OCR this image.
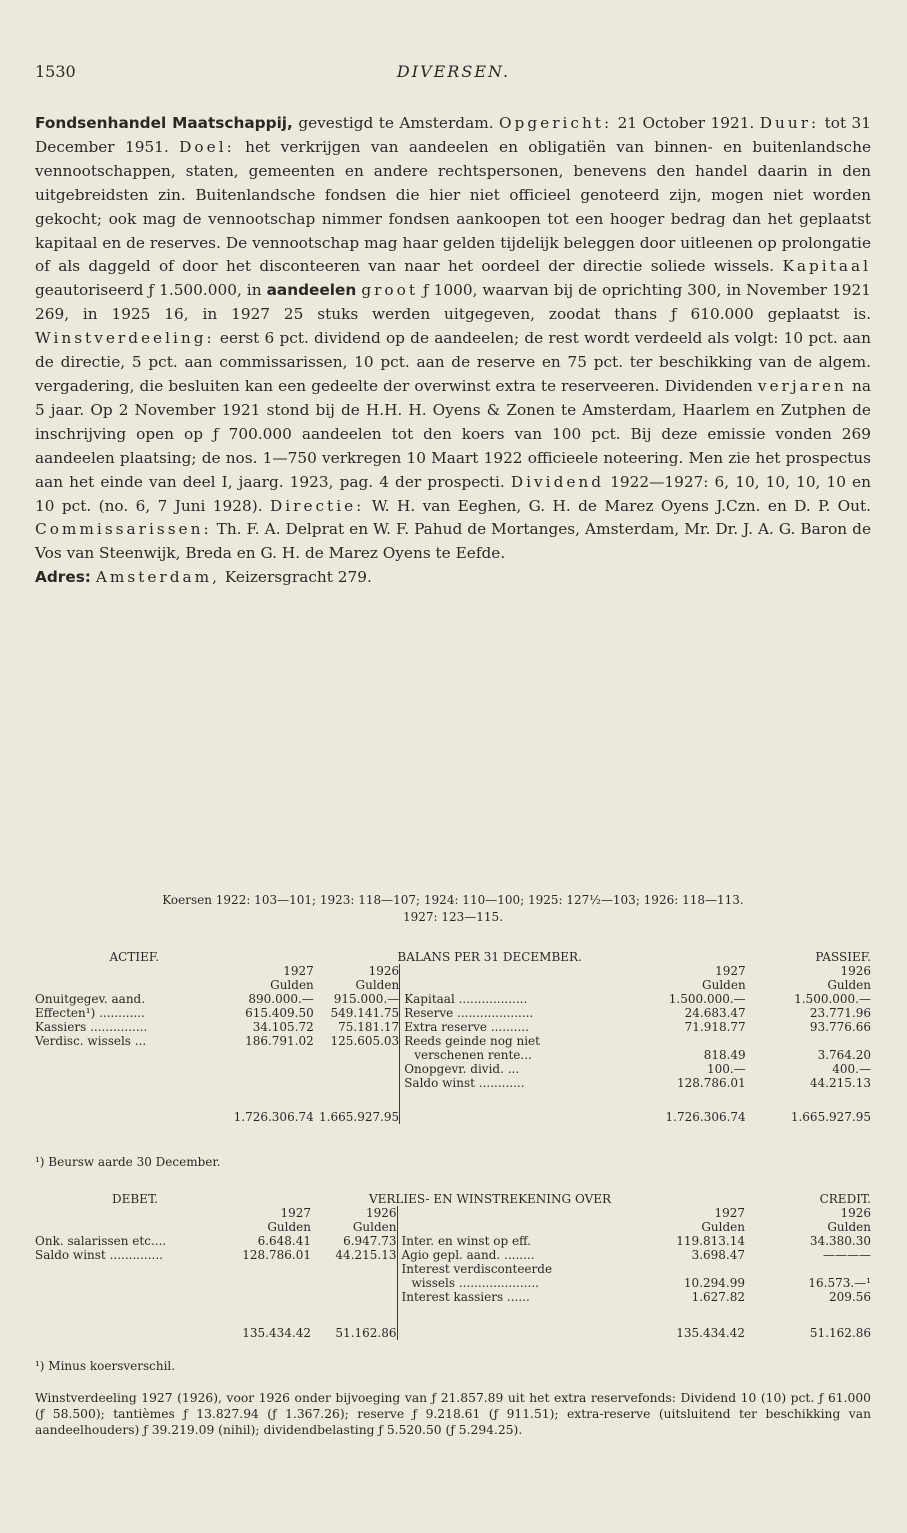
1530	DIVERSEN.

Fondsenhandel Maatschappij, gevestigd te Amsterdam. Opgericht: 21 October 1921. Duur: tot 31 December 1951. Doel: het verkrijgen van aandeelen en obligatiën van binnen- en buitenlandsche vennootschappen, staten, gemeenten en andere rechtspersonen, benevens den handel daarin in den uitgebreidsten zin. Buitenlandsche fondsen die hier niet officieel genoteerd zijn, mogen niet worden gekocht; ook mag de vennootschap nimmer fondsen aankoopen tot een hooger bedrag dan het geplaatst kapitaal en de reserves. De vennootschap mag haar gelden tijdelijk beleggen door uitleenen op prolongatie of als daggeld of door het disconteeren van naar het oordeel der directie soliede wissels. Kapitaal geautoriseerd ƒ 1.500.000, in aandeelen groot ƒ 1000, waarvan bij de oprichting 300, in November 1921 269, in 1925 16, in 1927 25 stuks werden uitgegeven, zoodat thans ƒ 610.000 geplaatst is. Winstverdeeling: eerst 6 pct. dividend op de aandeelen; de rest wordt verdeeld als volgt: 10 pct. aan de directie, 5 pct. aan commissarissen, 10 pct. aan de reserve en 75 pct. ter beschikking van de algem. vergadering, die besluiten kan een gedeelte der overwinst extra te reserveeren. Dividenden verjaren na 5 jaar. Op 2 November 1921 stond bij de H.H. H. Oyens & Zonen te Amsterdam, Haarlem en Zutphen de inschrijving open op ƒ 700.000 aandeelen tot den koers van 100 pct. Bij deze emissie vonden 269 aandeelen plaatsing; de nos. 1—750 verkregen 10 Maart 1922 officieele noteering. Men zie het prospectus aan het einde van deel I, jaarg. 1923, pag. 4 der prospecti. Dividend 1922—1927: 6, 10, 10, 10, 10 en 10 pct. (no. 6, 7 Juni 1928). Directie: W. H. van Eeghen, G. H. de Marez Oyens J.Czn. en D. P. Out. Commissarissen: Th. F. A. Delprat en W. F. Pahud de Mortanges, Amsterdam, Mr. Dr. J. A. G. Baron de Vos van Steenwijk, Breda en G. H. de Marez Oyens te Eefde.

Adres: Amsterdam, Keizersgracht 279.

Koersen 1922: 103—101; 1923: 118—107; 1924: 110—100; 1925: 127½—103; 1926: 118—113.
1927: 123—115.
ACTIEF.	BALANS PER 31 DECEMBER.				PASSIEF.
	1927	1926		1927	1926
	Gulden	Gulden		Gulden	Gulden
Onuitgegev. aand.	890.000.—	915.000.—	Kapitaal ..................	1.500.000.—	1.500.000.—
Effecten¹) ............	615.409.50	549.141.75	Reserve ....................	24.683.47	23.771.96
Kassiers ...............	34.105.72	75.181.17	Extra reserve ..........	71.918.77	93.776.66
Verdisc. wissels ...	186.791.02	125.605.03	Reeds geinde nog niet		
			verschenen rente...	818.49	3.764.20
			Onopgevr. divid. ...	100.—	400.—
			Saldo winst ............	128.786.01	44.215.13

	1.726.306.74	1.665.927.95		1.726.306.74	1.665.927.95
¹) Beursw aarde 30 December.
DEBET.	VERLIES- EN WINSTREKENING OVER				CREDIT.
	1927	1926		1927	1926
	Gulden	Gulden		Gulden	Gulden
Onk. salarissen etc....	6.648.41	6.947.73	Inter. en winst op eff.	119.813.14	34.380.30
Saldo winst ..............	128.786.01	44.215.13	Agio gepl. aand. ........	3.698.47	————
			Interest verdisconteerde		
			wissels .....................	10.294.99	16.573.—¹
			Interest kassiers ......	1.627.82	209.56

	135.434.42	51.162.86		135.434.42	51.162.86
¹) Minus koersverschil.

Winstverdeeling 1927 (1926), voor 1926 onder bijvoeging van ƒ 21.857.89 uit het extra reservefonds: Dividend 10 (10) pct. ƒ 61.000 (ƒ 58.500); tantièmes ƒ 13.827.94 (ƒ 1.367.26); reserve ƒ 9.218.61 (ƒ 911.51); extra-reserve (uitsluitend ter beschikking van aandeelhouders) ƒ 39.219.09 (nihil); dividendbelasting ƒ 5.520.50 (ƒ 5.294.25).
